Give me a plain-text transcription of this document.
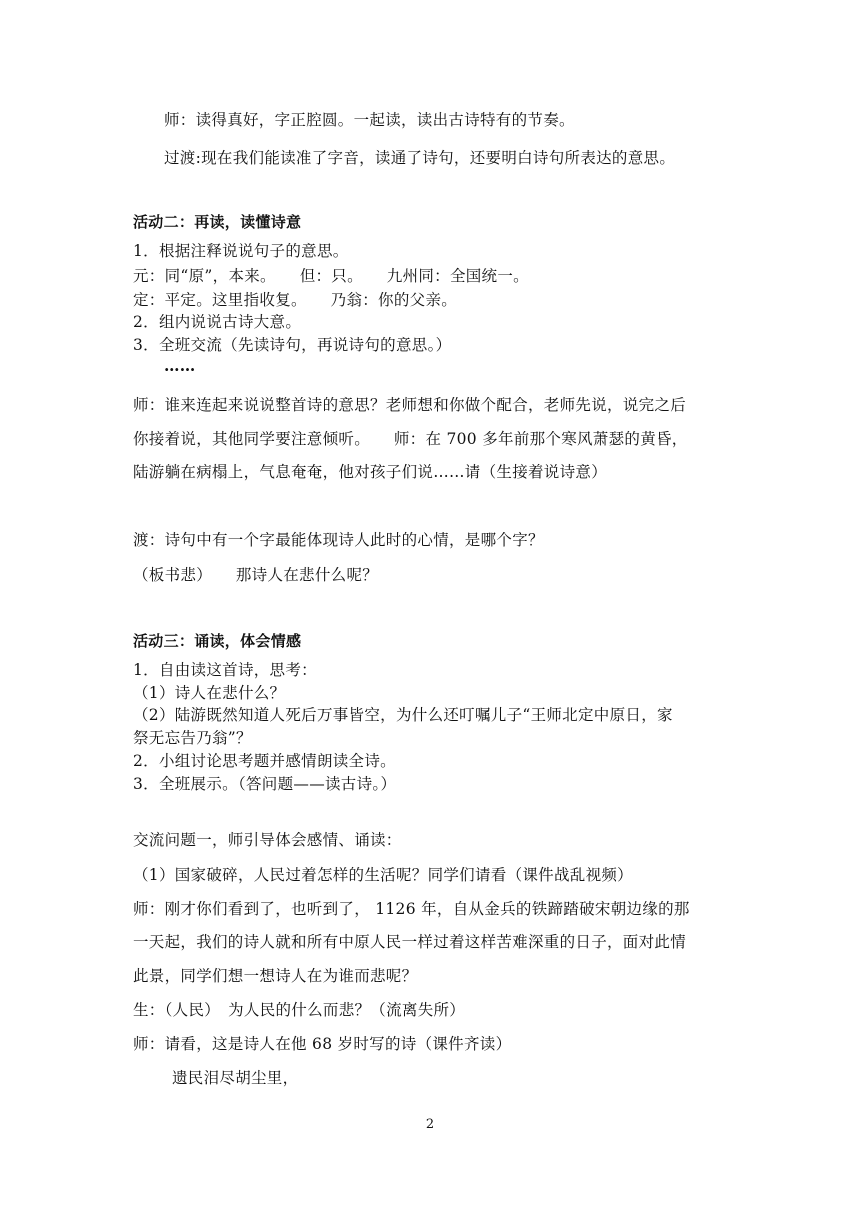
师：读得真好，字正腔圆。一起读，读出古诗特有的节奏。
过渡:现在我们能读准了字音，读通了诗句，还要明白诗句所表达的意思。
活动二：再读，读懂诗意
1．根据注释说说句子的意思。
元：同“原”，本来。　　但：只。　　九州同：全国统一。
定：平定。这里指收复。　　乃翁：你的父亲。
2．组内说说古诗大意。
3．全班交流（先读诗句，再说诗句的意思。）
……
师：谁来连起来说说整首诗的意思？老师想和你做个配合，老师先说，说完之后
你接着说，其他同学要注意倾听。　　师：在 700 多年前那个寒风萧瑟的黄昏，
陆游躺在病榻上，气息奄奄，他对孩子们说……请（生接着说诗意）
渡：诗句中有一个字最能体现诗人此时的心情，是哪个字？
（板书悲）　　那诗人在悲什么呢？
活动三：诵读，体会情感
1．自由读这首诗，思考：
（1）诗人在悲什么？
（2）陆游既然知道人死后万事皆空，为什么还叮嘱儿子“王师北定中原日，家
祭无忘告乃翁”？
2．小组讨论思考题并感情朗读全诗。
3．全班展示。（答问题——读古诗。）
交流问题一，师引导体会感情、诵读：
（1）国家破碎，人民过着怎样的生活呢？同学们请看（课件战乱视频）
师：刚才你们看到了，也听到了， 1126 年，自从金兵的铁蹄踏破宋朝边缘的那
一天起，我们的诗人就和所有中原人民一样过着这样苦难深重的日子，面对此情
此景，同学们想一想诗人在为谁而悲呢？
生：（人民）　为人民的什么而悲？（流离失所）
师：请看，这是诗人在他 68 岁时写的诗（课件齐读）
遗民泪尽胡尘里，
2
